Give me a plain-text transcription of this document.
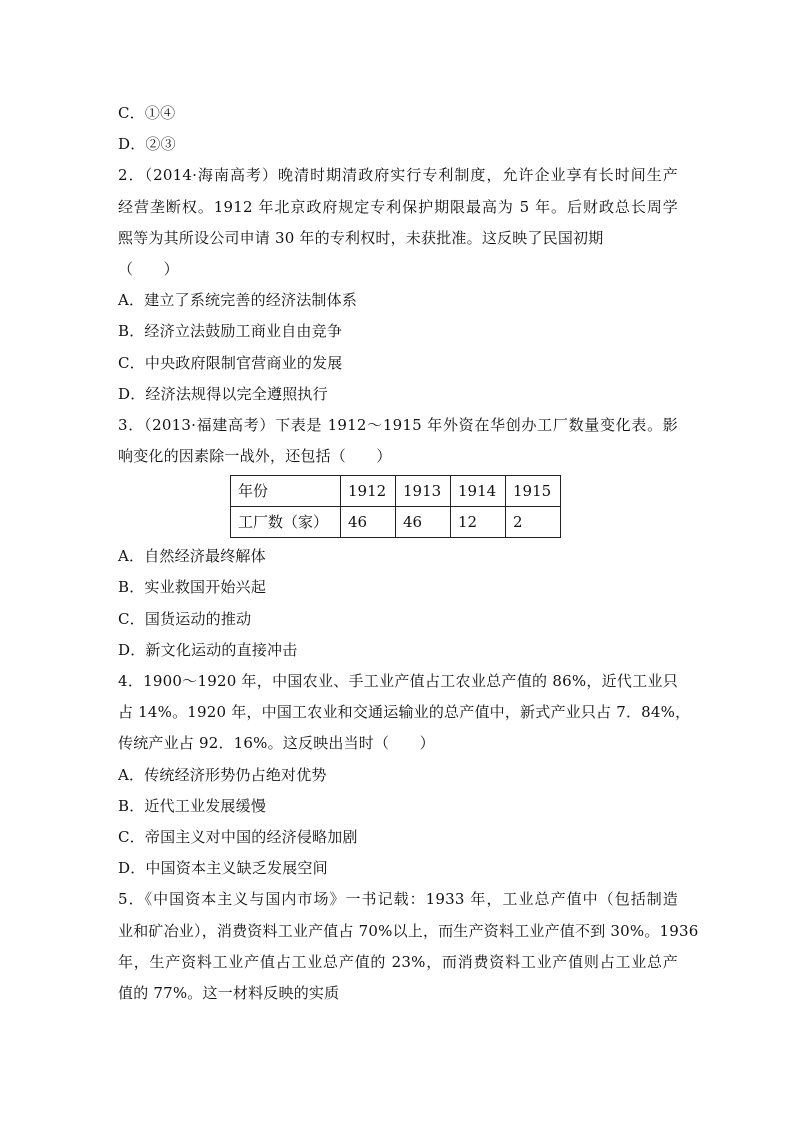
C．①④
D．②③
2．（2014·海南高考）晚清时期清政府实行专利制度，允许企业享有长时间生产
经营垄断权。1912 年北京政府规定专利保护期限最高为 5 年。后财政总长周学
熙等为其所设公司申请 30 年的专利权时，未获批准。这反映了民国初期
（　　）
A．建立了系统完善的经济法制体系
B．经济立法鼓励工商业自由竞争
C．中央政府限制官营商业的发展
D．经济法规得以完全遵照执行
3．（2013·福建高考）下表是 1912～1915 年外资在华创办工厂数量变化表。影
响变化的因素除一战外，还包括（　　）
年份	1912	1913	1914	1915
工厂数（家）	46	46	12	2
A．自然经济最终解体
B．实业救国开始兴起
C．国货运动的推动
D．新文化运动的直接冲击
4．1900～1920 年，中国农业、手工业产值占工农业总产值的 86%，近代工业只
占 14%。1920 年，中国工农业和交通运输业的总产值中，新式产业只占 7．84%，
传统产业占 92．16%。这反映出当时（　　）
A．传统经济形势仍占绝对优势
B．近代工业发展缓慢
C．帝国主义对中国的经济侵略加剧
D．中国资本主义缺乏发展空间
5．《中国资本主义与国内市场》一书记载：1933 年，工业总产值中（包括制造
业和矿冶业），消费资料工业产值占 70%以上，而生产资料工业产值不到 30%。1936
年，生产资料工业产值占工业总产值的 23%，而消费资料工业产值则占工业总产
值的 77%。这一材料反映的实质
